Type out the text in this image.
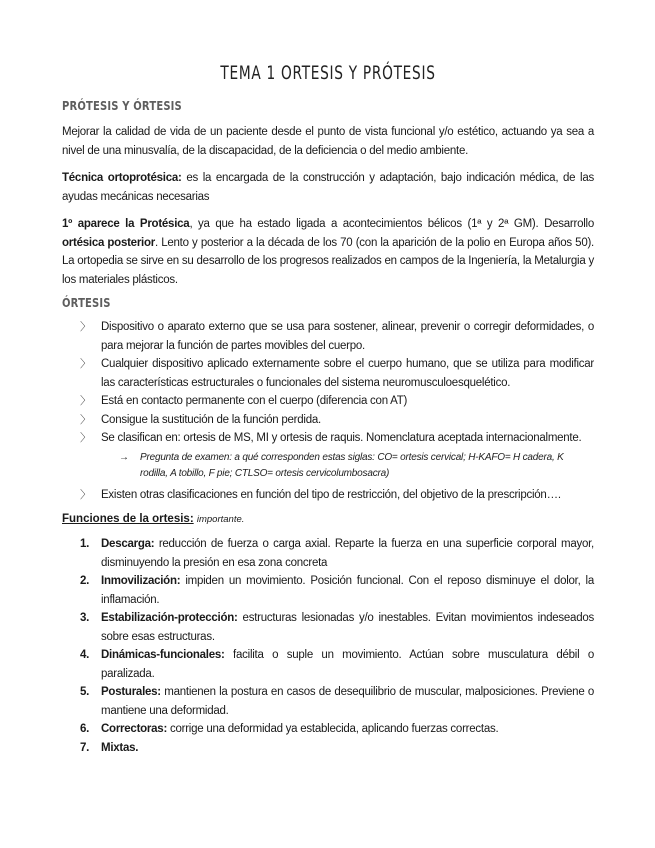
TEMA 1 ORTESIS Y PRÓTESIS
PRÓTESIS Y ÓRTESIS

Mejorar la calidad de vida de un paciente desde el punto de vista funcional y/o estético, actuando ya sea a nivel de una minusvalía, de la discapacidad, de la deficiencia o del medio ambiente.

Técnica ortoprotésica: es la encargada de la construcción y adaptación, bajo indicación médica, de las ayudas mecánicas necesarias

1º aparece la Protésica, ya que ha estado ligada a acontecimientos bélicos (1ª y 2ª GM). Desarrollo ortésica posterior. Lento y posterior a la década de los 70 (con la aparición de la polio en Europa años 50). La ortopedia se sirve en su desarrollo de los progresos realizados en campos de la Ingeniería, la Metalurgia y los materiales plásticos.

ÓRTESIS
〉 Dispositivo o aparato externo que se usa para sostener, alinear, prevenir o corregir deformidades, o para mejorar la función de partes movibles del cuerpo.
〉 Cualquier dispositivo aplicado externamente sobre el cuerpo humano, que se utiliza para modificar las características estructurales o funcionales del sistema neuromusculoesquelético.
〉 Está en contacto permanente con el cuerpo (diferencia con AT)
〉 Consigue la sustitución de la función perdida.
〉 Se clasifican en: ortesis de MS, MI y ortesis de raquis. Nomenclatura aceptada internacionalmente.
→ Pregunta de examen: a qué corresponden estas siglas: CO= ortesis cervical; H-KAFO= H cadera, K rodilla, A tobillo, F pie; CTLSO= ortesis cervicolumbosacra)
〉 Existen otras clasificaciones en función del tipo de restricción, del objetivo de la prescripción….

Funciones de la ortesis: importante.

1. Descarga: reducción de fuerza o carga axial. Reparte la fuerza en una superficie corporal mayor, disminuyendo la presión en esa zona concreta
2. Inmovilización: impiden un movimiento. Posición funcional. Con el reposo disminuye el dolor, la inflamación.
3. Estabilización-protección: estructuras lesionadas y/o inestables. Evitan movimientos indeseados sobre esas estructuras.
4. Dinámicas-funcionales: facilita o suple un movimiento. Actúan sobre musculatura débil o paralizada.
5. Posturales: mantienen la postura en casos de desequilibrio de muscular, malposiciones. Previene o mantiene una deformidad.
6. Correctoras: corrige una deformidad ya establecida, aplicando fuerzas correctas.
7. Mixtas.
